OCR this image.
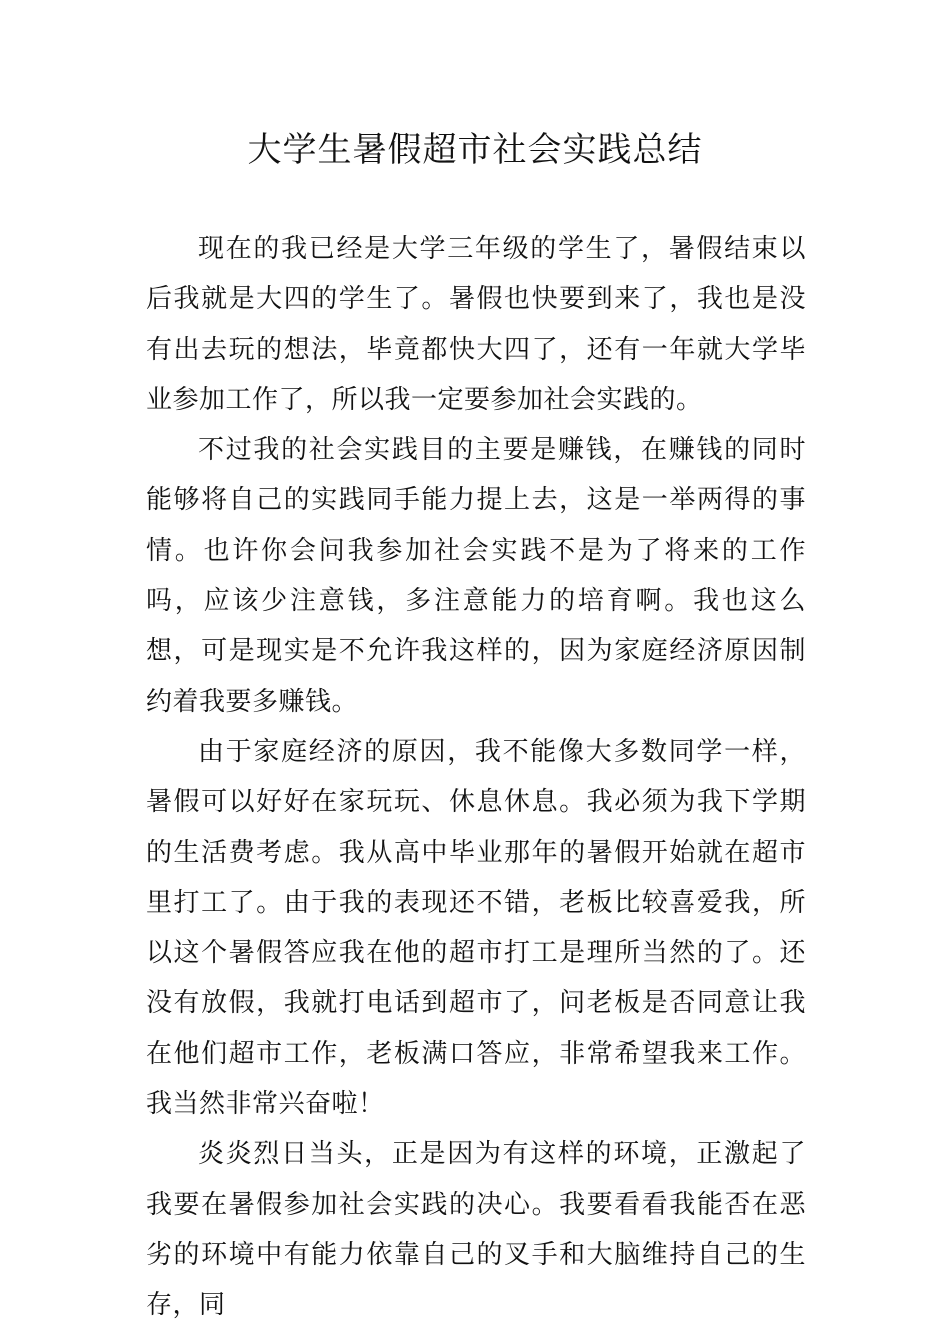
大学生暑假超市社会实践总结

现在的我已经是大学三年级的学生了，暑假结束以后我就是大四的学生了。暑假也快要到来了，我也是没有出去玩的想法，毕竟都快大四了，还有一年就大学毕业参加工作了，所以我一定要参加社会实践的。

不过我的社会实践目的主要是赚钱，在赚钱的同时能够将自己的实践同手能力提上去，这是一举两得的事情。也许你会问我参加社会实践不是为了将来的工作吗，应该少注意钱，多注意能力的培育啊。我也这么想，可是现实是不允许我这样的，因为家庭经济原因制约着我要多赚钱。

由于家庭经济的原因，我不能像大多数同学一样，暑假可以好好在家玩玩、休息休息。我必须为我下学期的生活费考虑。我从高中毕业那年的暑假开始就在超市里打工了。由于我的表现还不错，老板比较喜爱我，所以这个暑假答应我在他的超市打工是理所当然的了。还没有放假，我就打电话到超市了，问老板是否同意让我在他们超市工作，老板满口答应，非常希望我来工作。我当然非常兴奋啦！

炎炎烈日当头，正是因为有这样的环境，正激起了我要在暑假参加社会实践的决心。我要看看我能否在恶劣的环境中有能力依靠自己的叉手和大脑维持自己的生存，同
